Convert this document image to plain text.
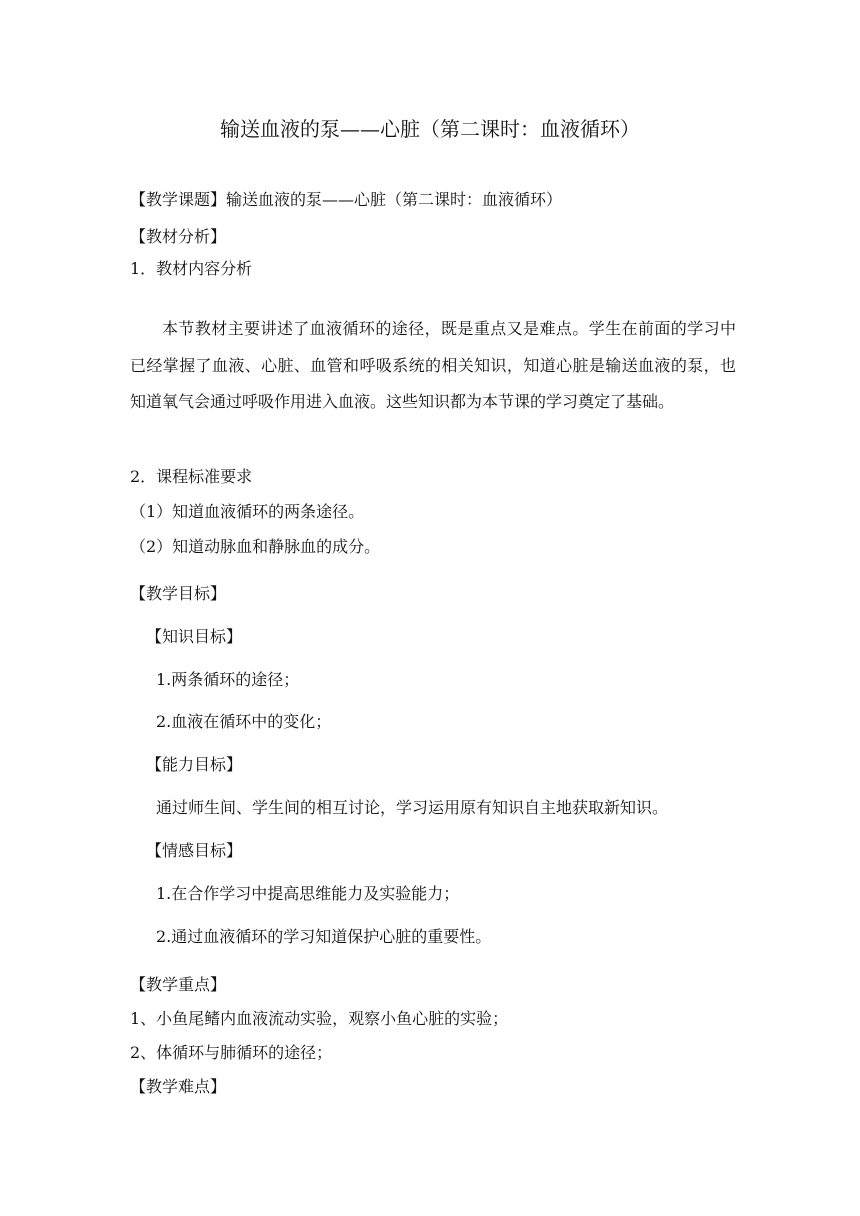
输送血液的泵——心脏（第二课时：血液循环）
【教学课题】输送血液的泵——心脏（第二课时：血液循环）
【教材分析】
1．教材内容分析
本节教材主要讲述了血液循环的途径，既是重点又是难点。学生在前面的学习中已经掌握了血液、心脏、血管和呼吸系统的相关知识，知道心脏是输送血液的泵，也知道氧气会通过呼吸作用进入血液。这些知识都为本节课的学习奠定了基础。
2．课程标准要求
（1）知道血液循环的两条途径。
（2）知道动脉血和静脉血的成分。
【教学目标】
【知识目标】
1.两条循环的途径；
2.血液在循环中的变化；
【能力目标】
通过师生间、学生间的相互讨论，学习运用原有知识自主地获取新知识。
【情感目标】
1.在合作学习中提高思维能力及实验能力；
2.通过血液循环的学习知道保护心脏的重要性。
【教学重点】
1、小鱼尾鳍内血液流动实验，观察小鱼心脏的实验；
2、体循环与肺循环的途径；
【教学难点】
